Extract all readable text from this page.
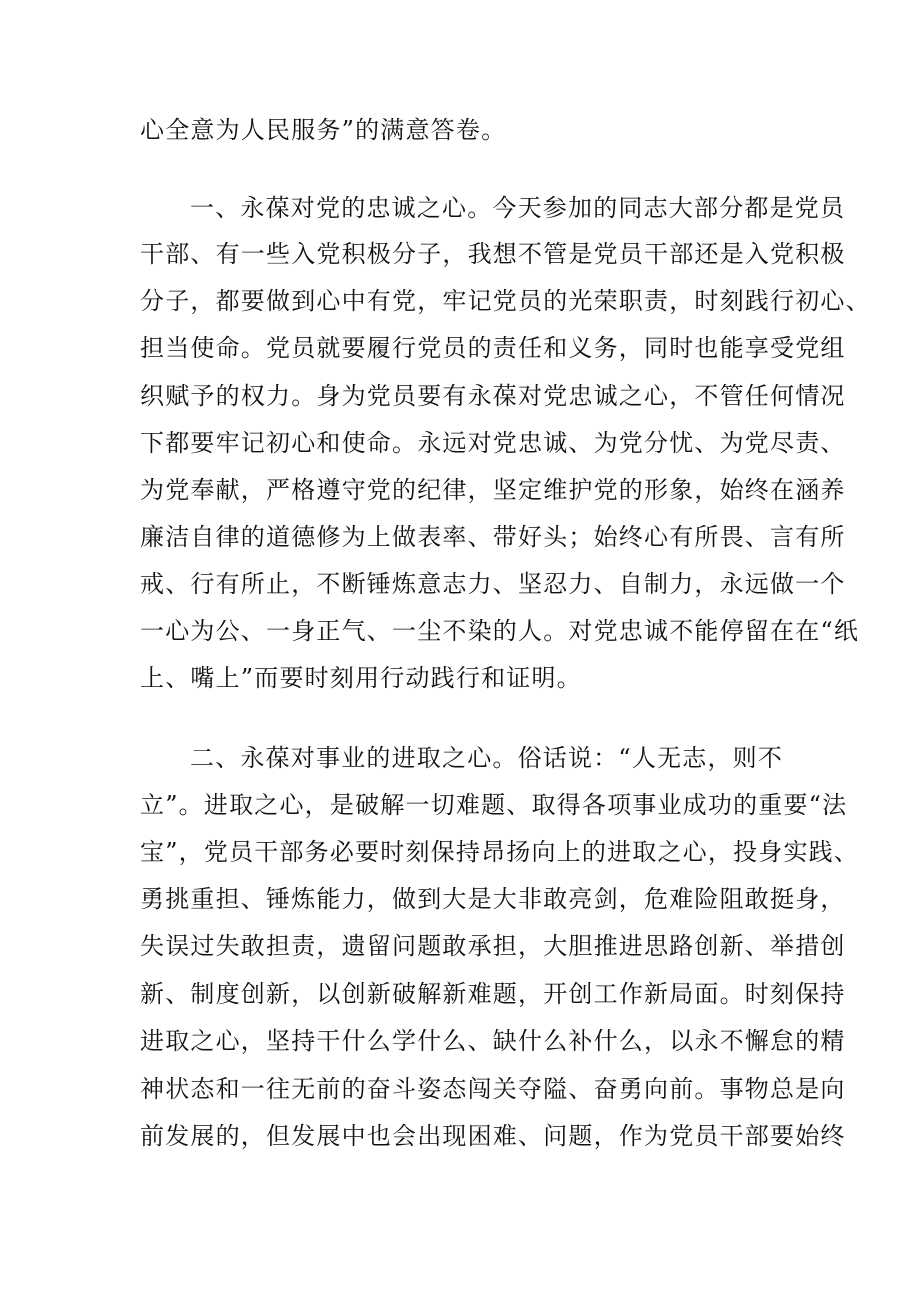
心全意为人民服务”的满意答卷。
一、永葆对党的忠诚之心。今天参加的同志大部分都是党员
干部、有一些入党积极分子，我想不管是党员干部还是入党积极
分子，都要做到心中有党，牢记党员的光荣职责，时刻践行初心、
担当使命。党员就要履行党员的责任和义务，同时也能享受党组
织赋予的权力。身为党员要有永葆对党忠诚之心，不管任何情况
下都要牢记初心和使命。永远对党忠诚、为党分忧、为党尽责、
为党奉献，严格遵守党的纪律，坚定维护党的形象，始终在涵养
廉洁自律的道德修为上做表率、带好头；始终心有所畏、言有所
戒、行有所止，不断锤炼意志力、坚忍力、自制力，永远做一个
一心为公、一身正气、一尘不染的人。对党忠诚不能停留在在“纸
上、嘴上”而要时刻用行动践行和证明。
二、永葆对事业的进取之心。俗话说：“人无志，则不
立”。进取之心，是破解一切难题、取得各项事业成功的重要“法
宝”，党员干部务必要时刻保持昂扬向上的进取之心，投身实践、
勇挑重担、锤炼能力，做到大是大非敢亮剑，危难险阻敢挺身，
失误过失敢担责，遗留问题敢承担，大胆推进思路创新、举措创
新、制度创新，以创新破解新难题，开创工作新局面。时刻保持
进取之心，坚持干什么学什么、缺什么补什么，以永不懈怠的精
神状态和一往无前的奋斗姿态闯关夺隘、奋勇向前。事物总是向
前发展的，但发展中也会出现困难、问题，作为党员干部要始终
